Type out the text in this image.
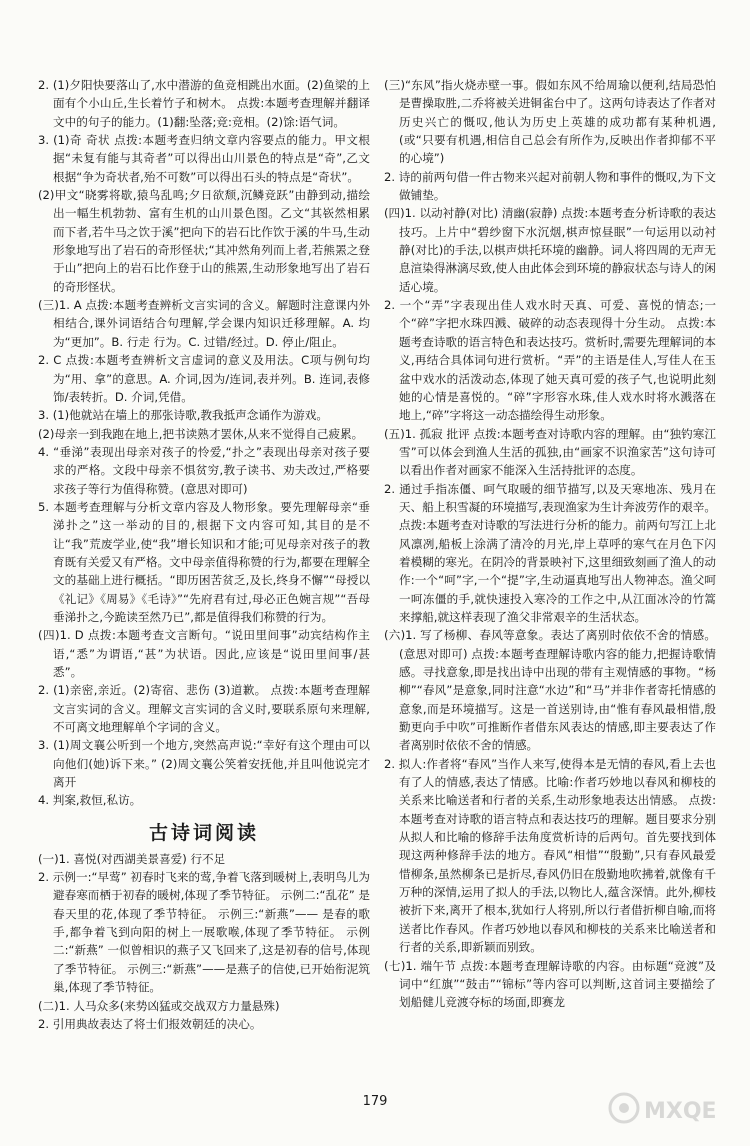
2. (1)夕阳快要落山了,水中潜游的鱼竞相跳出水面。(2)鱼梁的上面有个小山丘,生长着竹子和树木。 点拨:本题考查理解并翻译文中的句子的能力。(1)翻:坠落;竞:竞相。(2)馀:语气词。

3. (1)奇 奇状 点拨:本题考查归纳文章内容要点的能力。甲文根据“未复有能与其奇者”可以得出山川景色的特点是“奇”,乙文根据“争为奇状者,殆不可数”可以得出石头的特点是“奇状”。

(2)甲文“晓雾将歇,猿鸟乱鸣;夕日欲颓,沉鳞竞跃”由静到动,描绘出一幅生机勃勃、富有生机的山川景色图。乙文“其嵚然相累而下者,若牛马之饮于溪”把向下的岩石比作饮于溪的牛马,生动形象地写出了岩石的奇形怪状;“其冲然角列而上者,若熊罴之登于山”把向上的岩石比作登于山的熊罴,生动形象地写出了岩石的奇形怪状。

(三)1. A 点拨:本题考查辨析文言实词的含义。解题时注意课内外相结合,课外词语结合句理解,学会课内知识迁移理解。A. 均为“更加”。B. 行走 行为。C. 过错/经过。D. 停止/阻止。

2. C 点拨:本题考查辨析文言虚词的意义及用法。C项与例句均为“用、拿”的意思。A. 介词,因为/连词,表并列。B. 连词,表修饰/表转折。D. 介词,凭借。

3. (1)他就站在墙上的那张诗歌,教我抵声念诵作为游戏。

(2)母亲一到我跑在地上,把书读熟才罢休,从来不觉得自己疲累。

4. “垂涕”表现出母亲对孩子的怜爱,“扑之”表现出母亲对孩子要求的严格。文段中母亲不惧贫穷,教子读书、劝夫改过,严格要求孩子等行为值得称赞。(意思对即可)

5. 本题考查理解与分析文章内容及人物形象。要先理解母亲“垂涕扑之”这一举动的目的,根据下文内容可知,其目的是不让“我”荒废学业,使“我”增长知识和才能;可见母亲对孩子的教育既有关爱又有严格。文中母亲值得称赞的行为,都要在理解全文的基础上进行概括。“即历困苦贫乏,及长,终身不懈”“母授以《礼记》《周易》《毛诗》”“先府君有过,母必正色婉言规”“吾母垂涕扑之,今跪读至然乃已”,都是值得我们称赞的行为。

(四)1. D 点拨:本题考查文言断句。“说田里间事”动宾结构作主语,“悉”为谓语,“甚”为状语。因此,应该是“说田里间事/甚悉”。

2. (1)亲密,亲近。(2)寄宿、悲伤 (3)道歉。 点拨:本题考查理解文言实词的含义。理解文言实词的含义时,要联系原句来理解,不可离文地理解单个字词的含义。

3. (1)周文襄公听到一个地方,突然高声说:“幸好有这个理由可以向他们(她)诉下来。” (2)周文襄公笑着安抚他,并且叫他说完才离开

4. 判案,救恒,私访。

古诗词阅读

(一)1. 喜悦(对西湖美景喜爱) 行不足

2. 示例一:“早莺” 初春时飞来的莺,争着飞落到暖树上,表明鸟儿为避春寒而栖于初春的暖树,体现了季节特征。 示例二:“乱花” 是春天里的花,体现了季节特征。 示例三:“新燕”—— 是春的歌手,都争着飞到向阳的树上一展歌喉,体现了季节特征。 示例二:“新燕” 一似曾相识的燕子又飞回来了,这是初春的信号,体现了季节特征。 示例三:“新燕”——是燕子的信使,已开始衔泥筑巢,体现了季节特征。

(二)1. 人马众多(来势凶猛或交战双方力量悬殊)

2. 引用典故表达了将士们报效朝廷的决心。

(三)“东风”指火烧赤壁一事。假如东风不给周瑜以便利,结局恐怕是曹操取胜,二乔将被关进铜雀台中了。这两句诗表达了作者对历史兴亡的慨叹,他认为历史上英雄的成功都有某种机遇,(或“只要有机遇,相信自己总会有所作为,反映出作者抑郁不平的心境”)

2. 诗的前两句借一件古物来兴起对前朝人物和事件的慨叹,为下文做铺垫。

(四)1. 以动衬静(对比) 清幽(寂静) 点拨:本题考查分析诗歌的表达技巧。上片中“碧纱窗下水沉烟,棋声惊昼眠”一句运用以动衬静(对比)的手法,以棋声烘托环境的幽静。词人将四周的无声无息渲染得淋漓尽致,使人由此体会到环境的静寂状态与诗人的闲适心境。

2. 一个“弄”字表现出佳人戏水时天真、可爱、喜悦的情态;一个“碎”字把水珠四溅、破碎的动态表现得十分生动。 点拨:本题考查诗歌的语言特色和表达技巧。赏析时,需要先理解词的本义,再结合具体词句进行赏析。“弄”的主语是佳人,写佳人在玉盆中戏水的活泼动态,体现了她天真可爱的孩子气,也说明此刻她的心情是喜悦的。“碎”字形容水珠,佳人戏水时将水溅落在地上,“碎”字将这一动态描绘得生动形象。

(五)1. 孤寂 批评 点拨:本题考查对诗歌内容的理解。由“独钓寒江雪”可以体会到渔人生活的孤独,由“画家不识渔家苦”这句诗可以看出作者对画家不能深入生活持批评的态度。

2. 通过手指冻僵、呵气取暖的细节描写,以及天寒地冻、残月在天、船上积雪凝的环境描写,表现渔家为生计奔波劳作的艰辛。 点拨:本题考查对诗歌的写法进行分析的能力。前两句写江上北风凛冽,船板上涂满了清冷的月光,岸上草呼的寒气在月色下闪着模糊的寒光。在阴冷的背景映衬下,这里细致刻画了渔人的动作:一个“呵”字,一个“提”字,生动逼真地写出人物神态。渔父呵一呵冻僵的手,就快速投入寒冷的工作之中,从江面冰冷的竹篙来撑船,就这样表现了渔父非常艰辛的生活状态。

(六)1. 写了杨柳、春风等意象。表达了离别时依依不舍的情感。(意思对即可) 点拨:本题考查理解诗歌内容的能力,把握诗歌情感。寻找意象,即是找出诗中出现的带有主观情感的事物。“杨柳”“春风”是意象,同时注意“水边”和“马”并非作者寄托情感的意象,而是环境描写。这是一首送别诗,由“惟有春风最相惜,殷勤更向手中吹”可推断作者借东风表达的情感,即主要表达了作者离别时依依不舍的情感。

2. 拟人:作者将“春风”当作人来写,使得本是无情的春风,看上去也有了人的情感,表达了情感。比喻:作者巧妙地以春风和柳枝的关系来比喻送者和行者的关系,生动形象地表达出情感。 点拨:本题考查对诗歌的语言特点和表达技巧的理解。题目要求分别从拟人和比喻的修辞手法角度赏析诗的后两句。首先要找到体现这两种修辞手法的地方。春风“相惜”“殷勤”,只有春风最爱惜柳条,虽然柳条已是折尽,春风仍旧在殷勤地吹拂着,就像有千万种的深情,运用了拟人的手法,以物比人,蕴含深情。此外,柳枝被折下来,离开了根本,犹如行人将别,所以行者借折柳自喻,而将送者比作春风。作者巧妙地以春风和柳枝的关系来比喻送者和行者的关系,即新颖而别致。

(七)1. 端午节 点拨:本题考查理解诗歌的内容。由标题“竞渡”及词中“红旗”“鼓击”“锦标”等内容可以判断,这首词主要描绘了划船健儿竞渡夺标的场面,即赛龙

179	MXQE
